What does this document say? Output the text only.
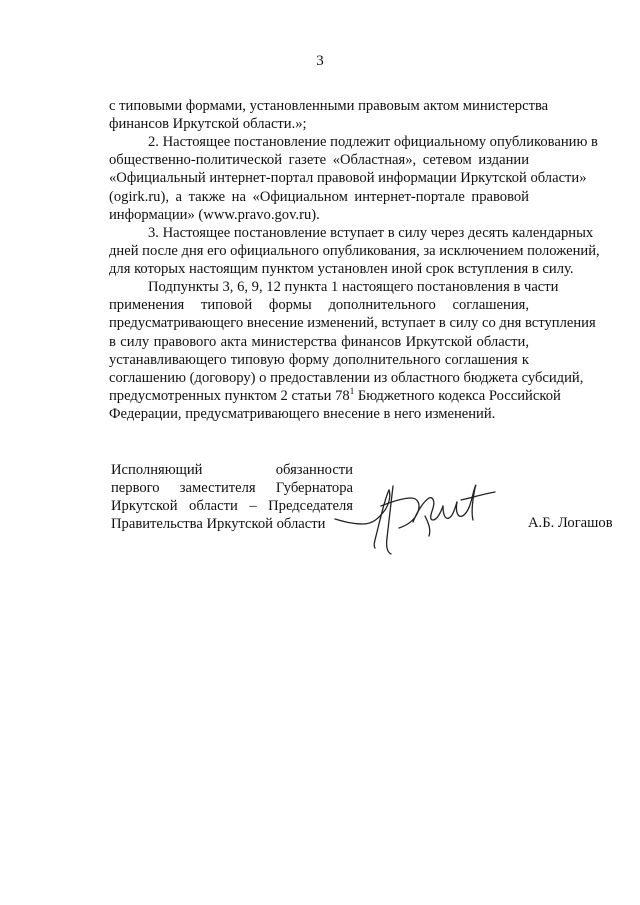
3
с типовыми формами, установленными правовым актом министерства
финансов Иркутской области.»;
2. Настоящее постановление подлежит официальному опубликованию в
общественно-политической газете «Областная», сетевом издании
«Официальный интернет-портал правовой информации Иркутской области»
(ogirk.ru), а также на «Официальном интернет-портале правовой
информации» (www.pravo.gov.ru).
3. Настоящее постановление вступает в силу через десять календарных
дней после дня его официального опубликования, за исключением положений,
для которых настоящим пунктом установлен иной срок вступления в силу.
Подпункты 3, 6, 9, 12 пункта 1 настоящего постановления в части
применения типовой формы дополнительного соглашения,
предусматривающего внесение изменений, вступает в силу со дня вступления
в силу правового акта министерства финансов Иркутской области,
устанавливающего типовую форму дополнительного соглашения к
соглашению (договору) о предоставлении из областного бюджета субсидий,
предусмотренных пунктом 2 статьи $78^1$ Бюджетного кодекса Российской
Федерации, предусматривающего внесение в него изменений.
Исполняющий обязанности
первого заместителя Губернатора
Иркутской области – Председателя
Правительства Иркутской области	А.Б. Логашов
